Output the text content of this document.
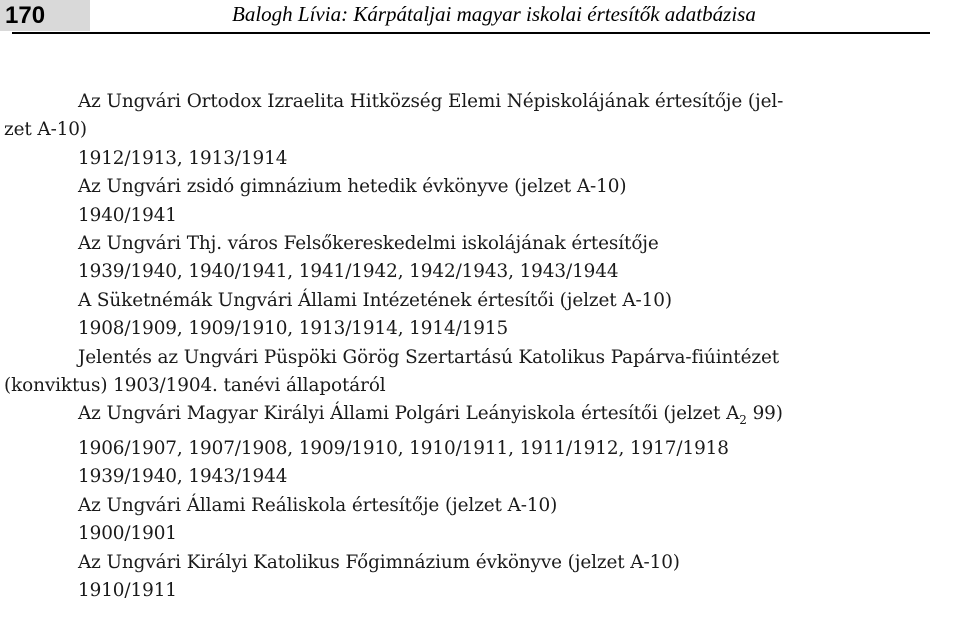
170	Balogh Lívia: Kárpátaljai magyar iskolai értesítők adatbázisa
Az Ungvári Ortodox Izraelita Hitközség Elemi Népiskolájának értesítője (jel-
zet A-10)
1912/1913, 1913/1914
Az Ungvári zsidó gimnázium hetedik évkönyve (jelzet A-10)
1940/1941
Az Ungvári Thj. város Felsőkereskedelmi iskolájának értesítője
1939/1940, 1940/1941, 1941/1942, 1942/1943, 1943/1944
A Süketnémák Ungvári Állami Intézetének értesítői (jelzet A-10)
1908/1909, 1909/1910, 1913/1914, 1914/1915
Jelentés az Ungvári Püspöki Görög Szertartású Katolikus Papárva-fiúintézet
(konviktus) 1903/1904. tanévi állapotáról
Az Ungvári Magyar Királyi Állami Polgári Leányiskola értesítői (jelzet $A_2$ 99)
1906/1907, 1907/1908, 1909/1910, 1910/1911, 1911/1912, 1917/1918
1939/1940, 1943/1944
Az Ungvári Állami Reáliskola értesítője (jelzet A-10)
1900/1901
Az Ungvári Királyi Katolikus Főgimnázium évkönyve (jelzet A-10)
1910/1911
